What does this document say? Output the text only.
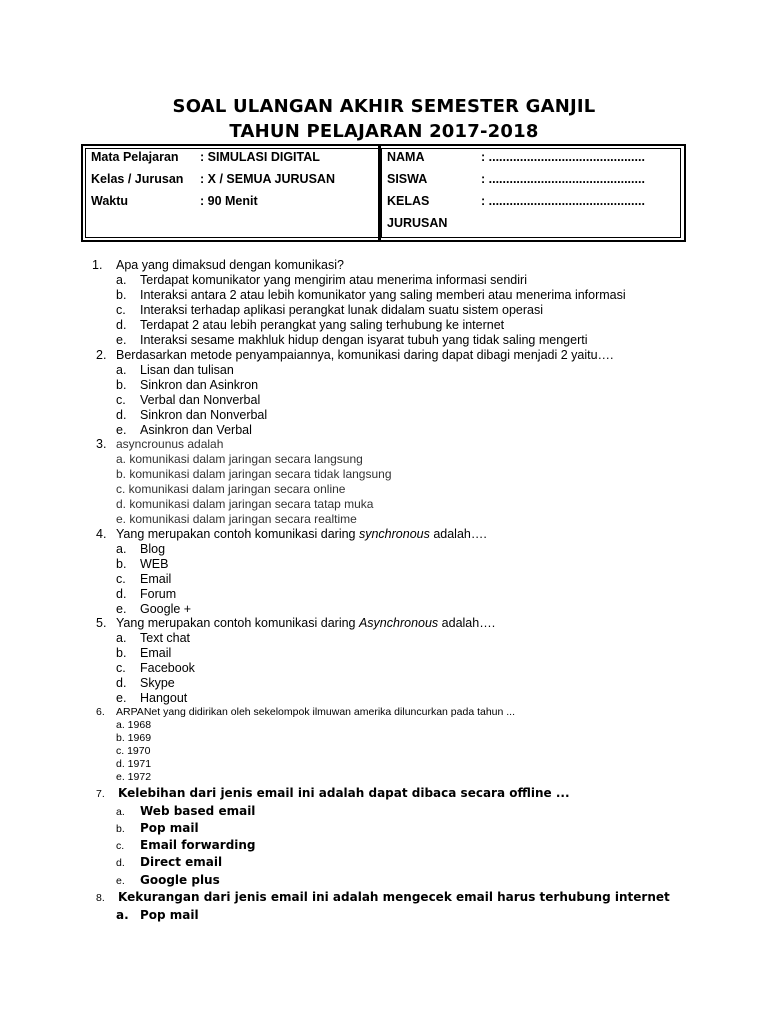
SOAL ULANGAN AKHIR SEMESTER GANJIL
TAHUN PELAJARAN 2017-2018
Mata Pelajaran : SIMULASI DIGITAL
Kelas / Jurusan : X / SEMUA JURUSAN
Waktu	: 90 Menit
NAMA	: .............................................
SISWA	: .............................................
KELAS	: .............................................
JURUSAN
1. Apa yang dimaksud dengan komunikasi?
a. Terdapat komunikator yang mengirim atau menerima informasi sendiri
b. Interaksi antara 2 atau lebih komunikator yang saling memberi atau menerima informasi
c. Interaksi terhadap aplikasi perangkat lunak didalam suatu sistem operasi
d. Terdapat 2 atau lebih perangkat yang saling terhubung ke internet
e. Interaksi sesame makhluk hidup dengan isyarat tubuh yang tidak saling mengerti
2. Berdasarkan metode penyampaiannya, komunikasi daring dapat dibagi menjadi 2 yaitu….
a. Lisan dan tulisan
b. Sinkron dan Asinkron
c. Verbal dan Nonverbal
d. Sinkron dan Nonverbal
e. Asinkron dan Verbal
3. asyncrounus adalah
a. komunikasi dalam jaringan secara langsung
b. komunikasi dalam jaringan secara tidak langsung
c. komunikasi dalam jaringan secara online
d. komunikasi dalam jaringan secara tatap muka
e. komunikasi dalam jaringan secara realtime
4. Yang merupakan contoh komunikasi daring synchronous adalah….
a. Blog
b. WEB
c. Email
d. Forum
e. Google +
5. Yang merupakan contoh komunikasi daring Asynchronous adalah….
a. Text chat
b. Email
c. Facebook
d. Skype
e. Hangout
6. ARPANet yang didirikan oleh sekelompok ilmuwan amerika diluncurkan pada tahun ...
a. 1968
b. 1969
c. 1970
d. 1971
e. 1972
7. Kelebihan dari jenis email ini adalah dapat dibaca secara offline ...
a. Web based email
b. Pop mail
c. Email forwarding
d. Direct email
e. Google plus
8. Kekurangan dari jenis email ini adalah mengecek email harus terhubung internet
a. Pop mail
